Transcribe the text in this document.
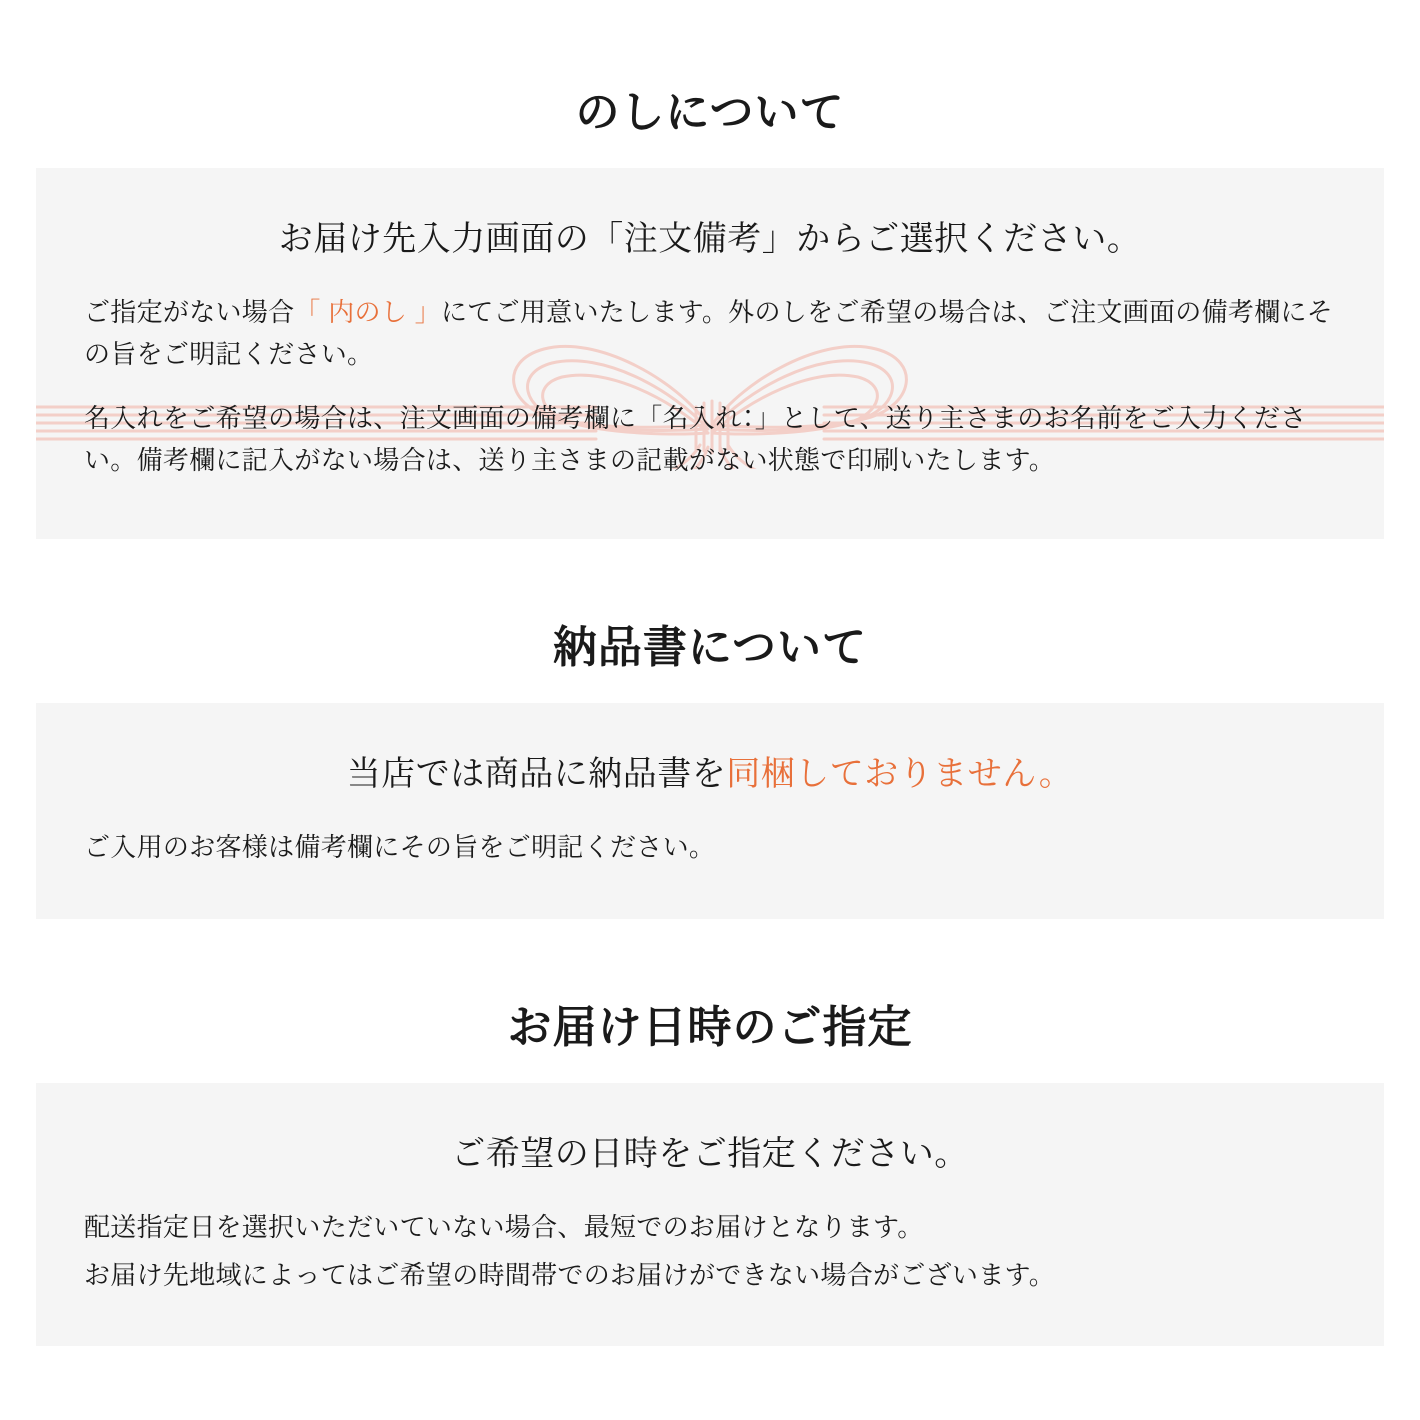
のしについて

お届け先入力画面の「注文備考」からご選択ください。

ご指定がない場合「 内のし 」にてご用意いたします。外のしをご希望の場合は、ご注文画面の備考欄にその旨をご明記ください。

名入れをご希望の場合は、注文画面の備考欄に「名入れ：」として、送り主さまのお名前をご入力ください。備考欄に記入がない場合は、送り主さまの記載がない状態で印刷いたします。

納品書について

当店では商品に納品書を同梱しておりません。

ご入用のお客様は備考欄にその旨をご明記ください。

お届け日時のご指定

ご希望の日時をご指定ください。

配送指定日を選択いただいていない場合、最短でのお届けとなります。

お届け先地域によってはご希望の時間帯でのお届けができない場合がございます。
